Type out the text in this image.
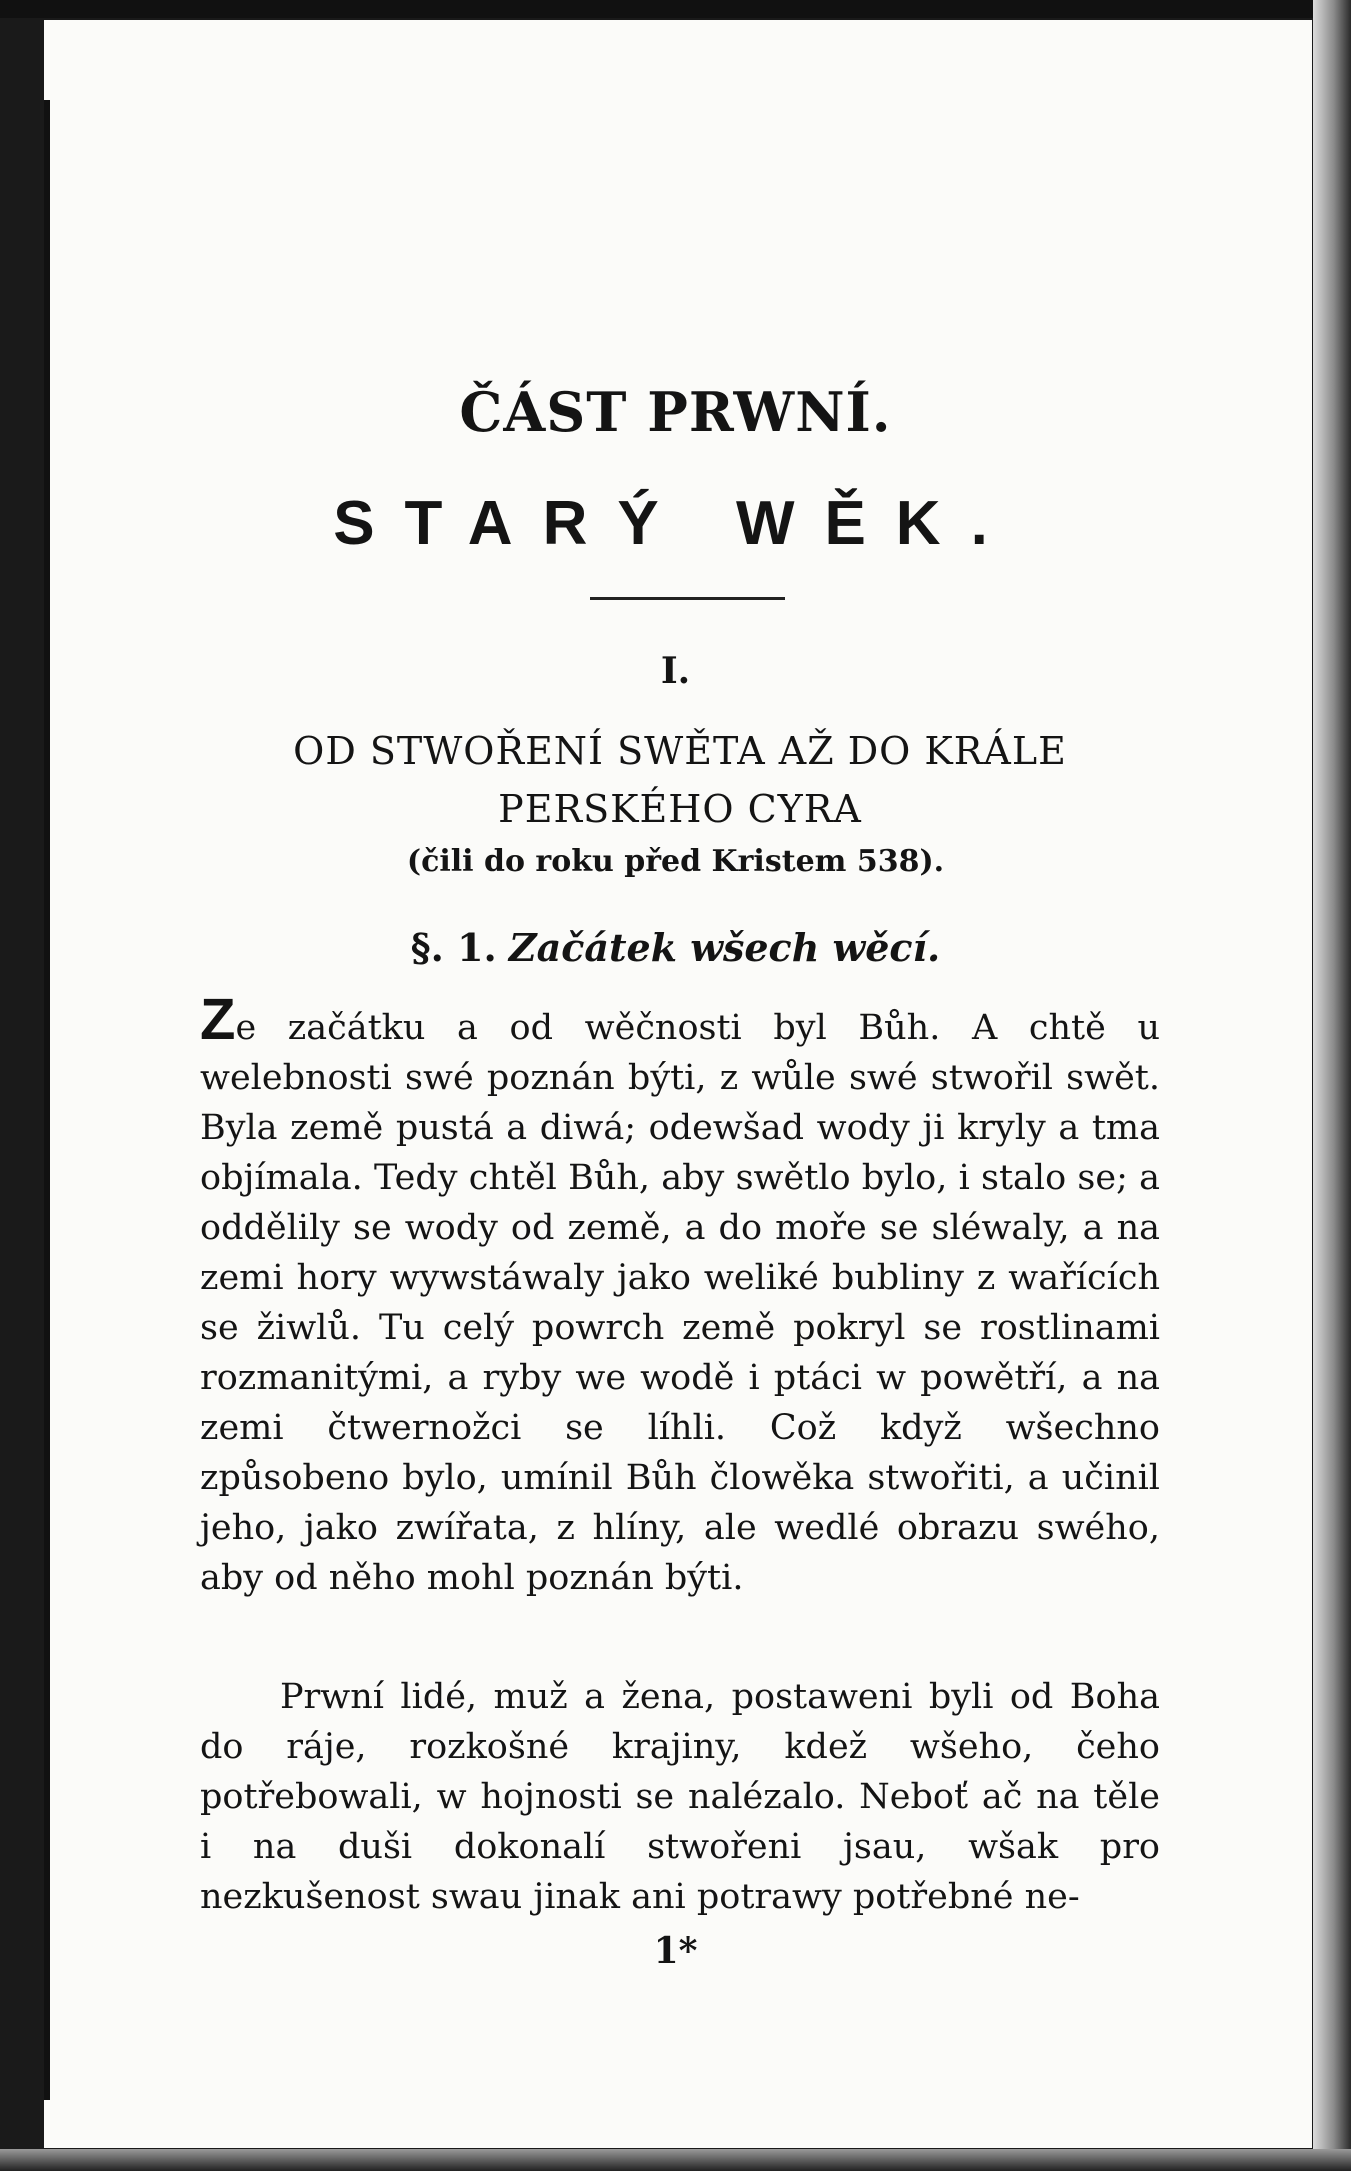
ČÁST PRWNÍ.
STARÝ WĚK.
I.
OD STWOŘENÍ SWĚTA AŽ DO KRÁLE PERSKÉHO CYRA
(čili do roku před Kristem 538).
§. 1. Začátek wšech wěcí.
Ze začátku a od wěčnosti byl Bůh. A chtě u welebnosti swé poznán býti, z wůle swé stwořil swět. Byla země pustá a diwá; odewšad wody ji kryly a tma objímala. Tedy chtěl Bůh, aby swětlo bylo, i stalo se; a oddělily se wody od země, a do moře se sléwaly, a na zemi hory wywstáwaly jako weliké bubliny z wařících se žiwlů. Tu celý powrch země pokryl se rostlinami rozmanitými, a ryby we wodě i ptáci w powětří, a na zemi čtwernožci se líhli. Což když wšechno způsobeno bylo, umínil Bůh člowěka stwořiti, a učinil jeho, jako zwířata, z hlíny, ale wedlé obrazu swého, aby od něho mohl poznán býti.
Prwní lidé, muž a žena, postaweni byli od Boha do ráje, rozkošné krajiny, kdež wšeho, čeho potřebowali, w hojnosti se nalézalo. Neboť ač na těle i na duši dokonalí stwořeni jsau, wšak pro nezkušenost swau jinak ani potrawy potřebné ne-
1*
